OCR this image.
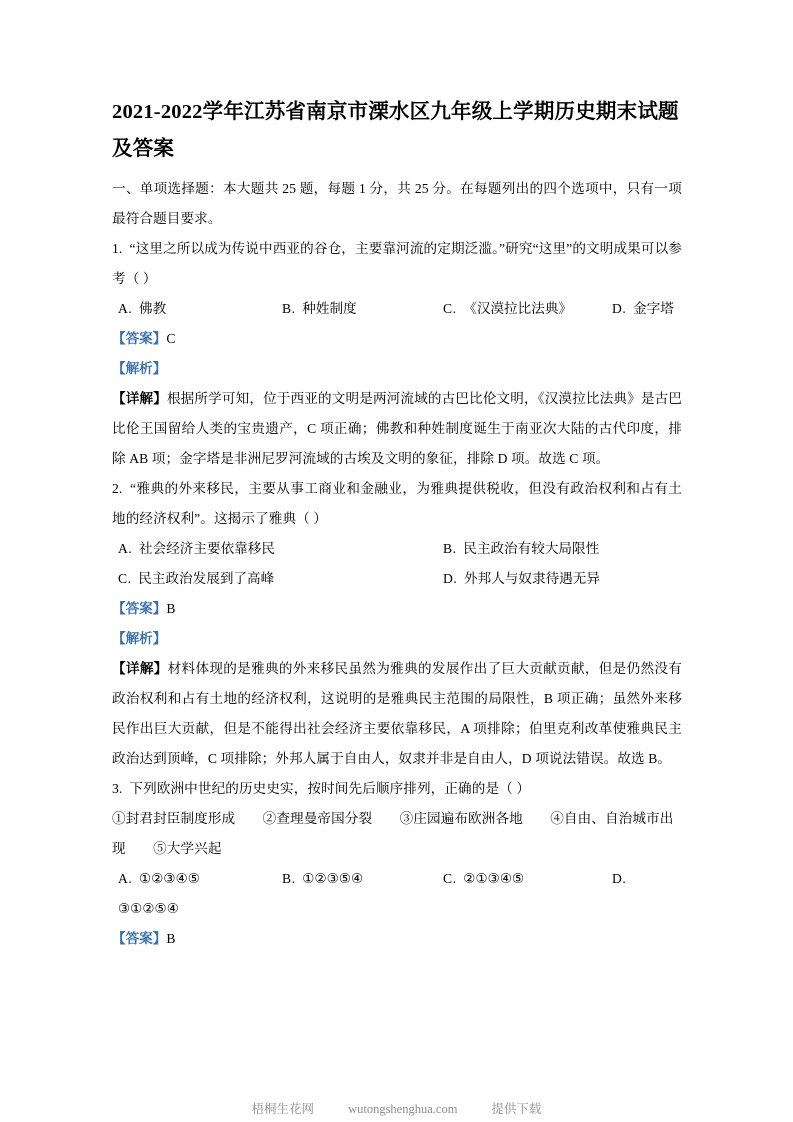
2021-2022学年江苏省南京市溧水区九年级上学期历史期末试题及答案

一、单项选择题：本大题共 25 题，每题 1 分，共 25 分。在每题列出的四个选项中，只有一项最符合题目要求。

1. “这里之所以成为传说中西亚的谷仓，主要靠河流的定期泛滥。”研究“这里”的文明成果可以参考（ ）

A. 佛教	B. 种姓制度	C. 《汉漠拉比法典》	D. 金字塔

【答案】C

【解析】

【详解】根据所学可知，位于西亚的文明是两河流域的古巴比伦文明，《汉漠拉比法典》是古巴比伦王国留给人类的宝贵遗产，C 项正确；佛教和种姓制度诞生于南亚次大陆的古代印度，排除 AB 项；金字塔是非洲尼罗河流域的古埃及文明的象征，排除 D 项。故选 C 项。

2. “雅典的外来移民，主要从事工商业和金融业，为雅典提供税收，但没有政治权利和占有土地的经济权利”。这揭示了雅典（ ）

A. 社会经济主要依靠移民	B. 民主政治有较大局限性
C. 民主政治发展到了高峰	D. 外邦人与奴隶待遇无异

【答案】B

【解析】

【详解】材料体现的是雅典的外来移民虽然为雅典的发展作出了巨大贡献贡献，但是仍然没有政治权利和占有土地的经济权利，这说明的是雅典民主范围的局限性，B 项正确；虽然外来移民作出巨大贡献，但是不能得出社会经济主要依靠移民，A 项排除；伯里克利改革使雅典民主政治达到顶峰，C 项排除；外邦人属于自由人，奴隶并非是自由人，D 项说法错误。故选 B。

3. 下列欧洲中世纪的历史史实，按时间先后顺序排列，正确的是（ ）

①封君封臣制度形成　　②查理曼帝国分裂　　③庄园遍布欧洲各地　　④自由、自治城市出

现　　⑤大学兴起

A. ①②③④⑤	B. ①②③⑤④	C. ②①③④⑤	D.
③①②⑤④

【答案】B

梧桐生花网	wutongshenghua.com	提供下载
